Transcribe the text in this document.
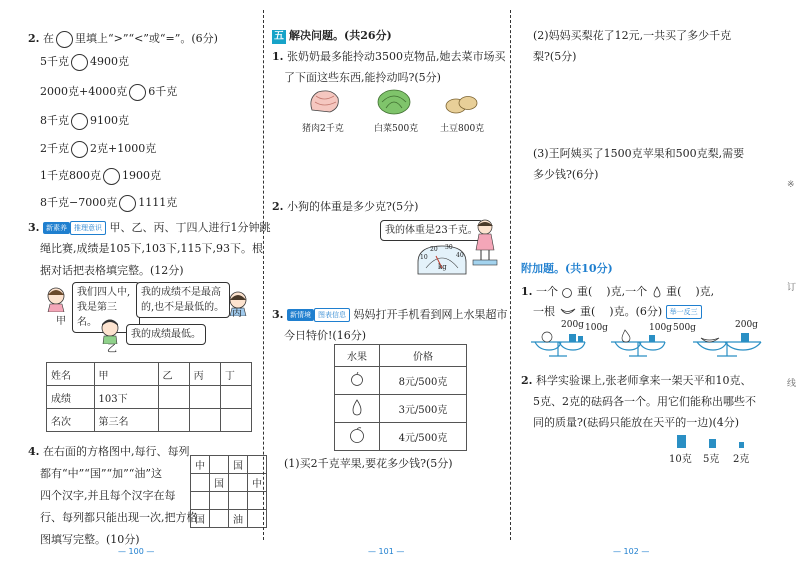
2. 在 里填上“>”“<”或“=”。(6分)
5千克 4900克
2000克+4000克 6千克
8千克 9100克
2千克 2克+1000克
1千克800克 1900克
8千克−7000克 1111克
3. 新素养 推理意识 甲、乙、丙、丁四人进行1分钟跳
绳比赛,成绩是105下,103下,115下,93下。根
据对话把表格填完整。(12分)
甲
我们四人中,我是第三名。
我的成绩不是最高的,也不是最低的。
丙
乙
我的成绩最低。
姓名	甲	乙	丙	丁
成绩	103下			
名次	第三名			
4. 在右面的方格图中,每行、每列
都有“中”“国”“加”“油”这
四个汉字,并且每个汉字在每
行、每列都只能出现一次,把方格
图填写完整。(10分)
中		国	
	国		中

国		油	
— 100 —
五 解决问题。(共26分)
1. 张奶奶最多能拎动3500克物品,她去菜市场买
了下面这些东西,能拎动吗?(5分)
猪肉2千克	白菜500克 土豆800克
2. 小狗的体重是多少克?(5分)
我的体重是23千克。
20 30
40
10
kg
3. 新情境 图表信息 妈妈打开手机看到网上水果超市
今日特价!(16分)
水果	价格
	8元/500克
	3元/500克
	4元/500克
(1)买2千克苹果,要花多少钱?(5分)
— 101 —
(2)妈妈买梨花了12元,一共买了多少千克
梨?(5分)
(3)王阿姨买了1500克苹果和500克梨,需要
多少钱?(6分)
附加题。(共10分)
1. 一个 重( )克,一个 重( )克,
一根 重( )克。(6分) 举一反三
200g 100g	100g 500g	200g
2. 科学实验课上,张老师拿来一架天平和10克、
5克、2克的砝码各一个。用它们能称出哪些不
同的质量?(砝码只能放在天平的一边)(4分)
10克 5克 2克
※
订
线
— 102 —
